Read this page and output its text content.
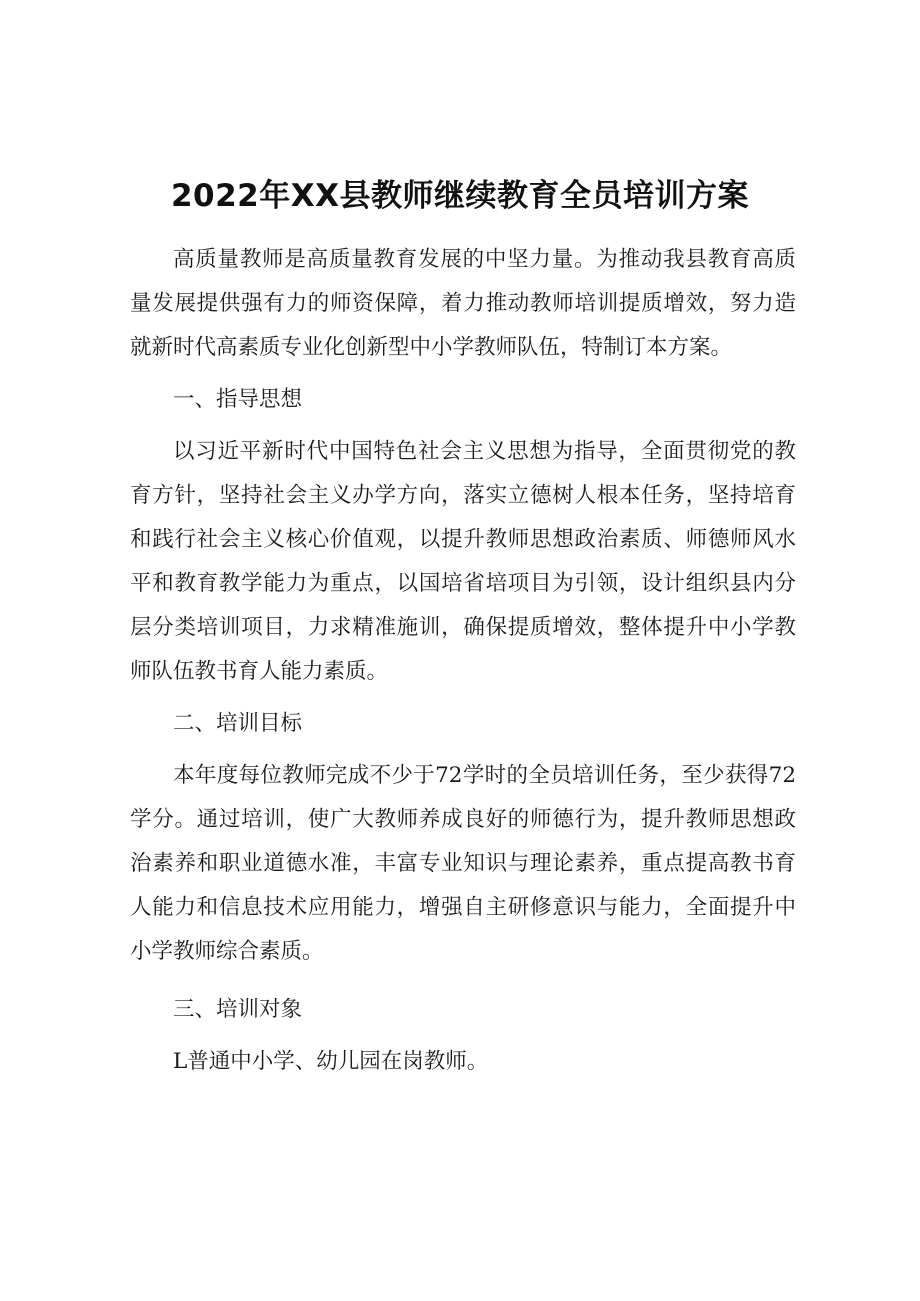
2022年XX县教师继续教育全员培训方案

高质量教师是高质量教育发展的中坚力量。为推动我县教育高质量发展提供强有力的师资保障，着力推动教师培训提质增效，努力造就新时代高素质专业化创新型中小学教师队伍，特制订本方案。

一、指导思想

以习近平新时代中国特色社会主义思想为指导，全面贯彻党的教育方针，坚持社会主义办学方向，落实立德树人根本任务，坚持培育和践行社会主义核心价值观，以提升教师思想政治素质、师德师风水平和教育教学能力为重点，以国培省培项目为引领，设计组织县内分层分类培训项目，力求精准施训，确保提质增效，整体提升中小学教师队伍教书育人能力素质。

二、培训目标

本年度每位教师完成不少于72学时的全员培训任务，至少获得72学分。通过培训，使广大教师养成良好的师德行为，提升教师思想政治素养和职业道德水准，丰富专业知识与理论素养，重点提高教书育人能力和信息技术应用能力，增强自主研修意识与能力，全面提升中小学教师综合素质。

三、培训对象

L普通中小学、幼儿园在岗教师。
